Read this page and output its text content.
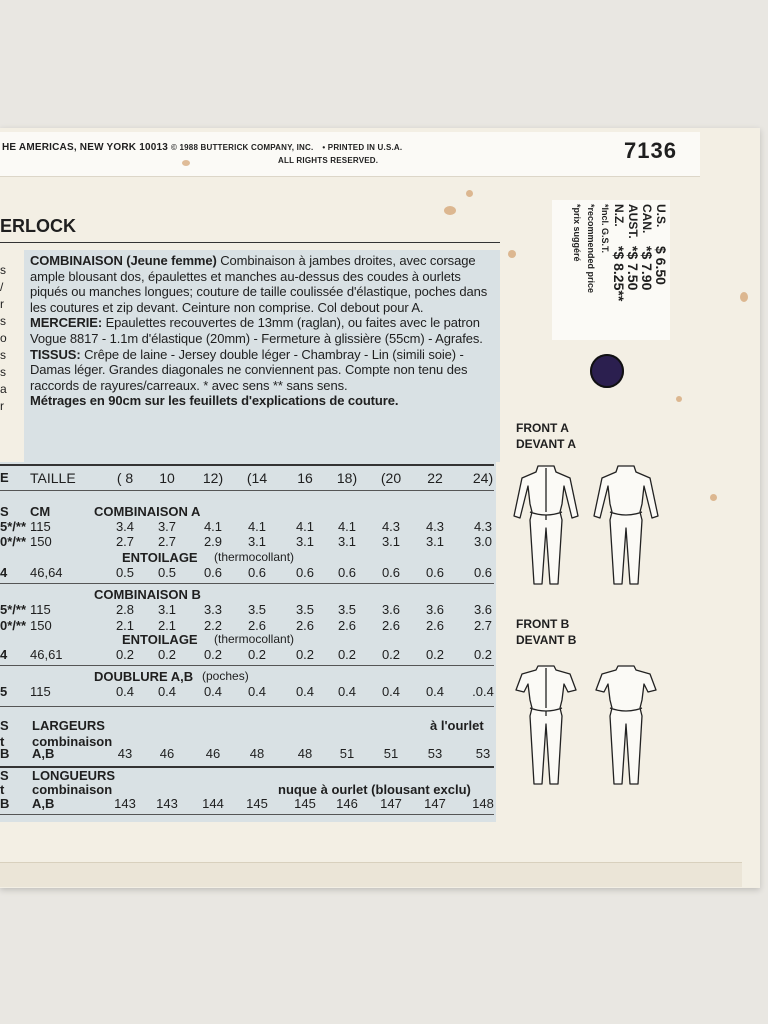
HE AMERICAS, NEW YORK 10013 © 1988 BUTTERICK COMPANY, INC. • PRINTED IN U.S.A.
ALL RIGHTS RESERVED.	7136
ERLOCK
s
/
r
s
o
s
s
a
r

COMBINAISON (Jeune femme) Combinaison à jambes droites, avec corsage ample blousant dos, épaulettes et manches au-dessus des coudes à ourlets piqués ou manches longues; couture de taille coulissée d'élastique, poches dans les coutures et zip devant. Ceinture non comprise. Col debout pour A.

MERCERIE: Epaulettes recouvertes de 13mm (raglan), ou faites avec le patron Vogue 8817 - 1.1m d'élastique (20mm) - Fermeture à glissière (55cm) - Agrafes.

TISSUS: Crêpe de laine - Jersey double léger - Chambray - Lin (simili soie) - Damas léger. Grandes diagonales ne conviennent pas. Compte non tenu des raccords de rayures/carreaux. * avec sens ** sans sens.

Métrages en 90cm sur les feuillets d'explications de couture.

E TAILLE	( 8	10	12)	(14	16	18)	(20	22	24)
S CM	COMBINAISON A
5*/** 115	3.4	3.7	4.1	4.1	4.1	4.1	4.3	4.3	4.3
0*/** 150	2.7	2.7	2.9	3.1	3.1	3.1	3.1	3.1	3.0
ENTOILAGE (thermocollant)
4 46,64	0.5	0.5	0.6	0.6	0.6	0.6	0.6	0.6	0.6
COMBINAISON B
5*/** 115	2.8	3.1	3.3	3.5	3.5	3.5	3.6	3.6	3.6
0*/** 150	2.1	2.1	2.2	2.6	2.6	2.6	2.6	2.6	2.7
ENTOILAGE (thermocollant)
4 46,61	0.2	0.2	0.2	0.2	0.2	0.2	0.2	0.2	0.2
DOUBLURE A,B (poches)
5 115	0.4	0.4	0.4	0.4	0.4	0.4	0.4	0.4	.0.4
S LARGEURS	à l'ourlet
t combinaison
B A,B	43	46	46	48	48	51	51	53	53
S LONGUEURS
t combinaison	nuque à ourlet (blousant exclu)
B A,B	143	143	144	145	145	146	147	147	148
U.S.
$ 6.50
CAN.
*$ 7.90
AUST.
*$ 7.50
N.Z.
*$ 8.25**
*Incl. G.S.T.
*recommended price
*prix suggéré
FRONT A
DEVANT A
FRONT B
DEVANT B
